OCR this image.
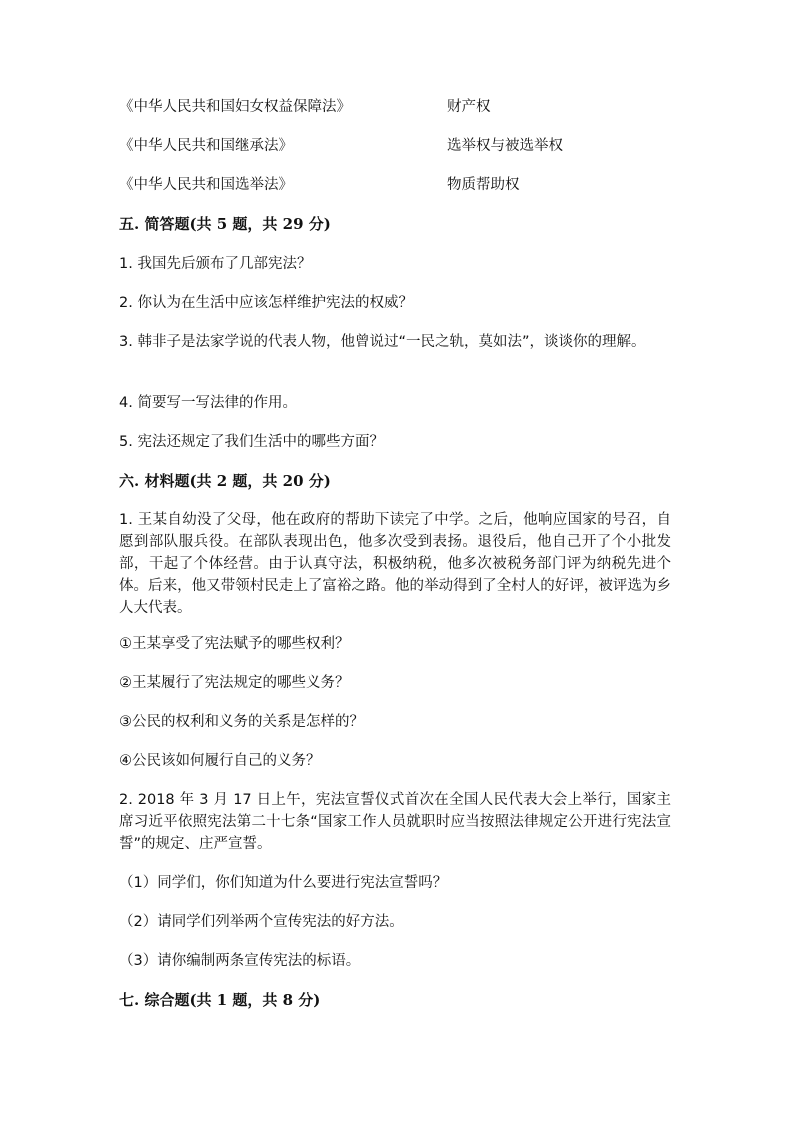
《中华人民共和国妇女权益保障法》	财产权

《中华人民共和国继承法》	选举权与被选举权

《中华人民共和国选举法》	物质帮助权

五. 简答题(共 5 题，共 29 分)

1. 我国先后颁布了几部宪法？

2. 你认为在生活中应该怎样维护宪法的权威？

3. 韩非子是法家学说的代表人物，他曾说过“一民之轨，莫如法”，谈谈你的理解。

4. 简要写一写法律的作用。

5. 宪法还规定了我们生活中的哪些方面？

六. 材料题(共 2 题，共 20 分)

1. 王某自幼没了父母，他在政府的帮助下读完了中学。之后，他响应国家的号召，自愿到部队服兵役。在部队表现出色，他多次受到表扬。退役后，他自己开了个小批发部，干起了个体经营。由于认真守法，积极纳税，他多次被税务部门评为纳税先进个体。后来，他又带领村民走上了富裕之路。他的举动得到了全村人的好评，被评选为乡人大代表。

①王某享受了宪法赋予的哪些权利？

②王某履行了宪法规定的哪些义务？

③公民的权利和义务的关系是怎样的？

④公民该如何履行自己的义务？

2. 2018 年 3 月 17 日上午，宪法宣誓仪式首次在全国人民代表大会上举行，国家主席习近平依照宪法第二十七条“国家工作人员就职时应当按照法律规定公开进行宪法宣誓”的规定、庄严宣誓。

（1）同学们，你们知道为什么要进行宪法宣誓吗？

（2）请同学们列举两个宣传宪法的好方法。

（3）请你编制两条宣传宪法的标语。

七. 综合题(共 1 题，共 8 分)
